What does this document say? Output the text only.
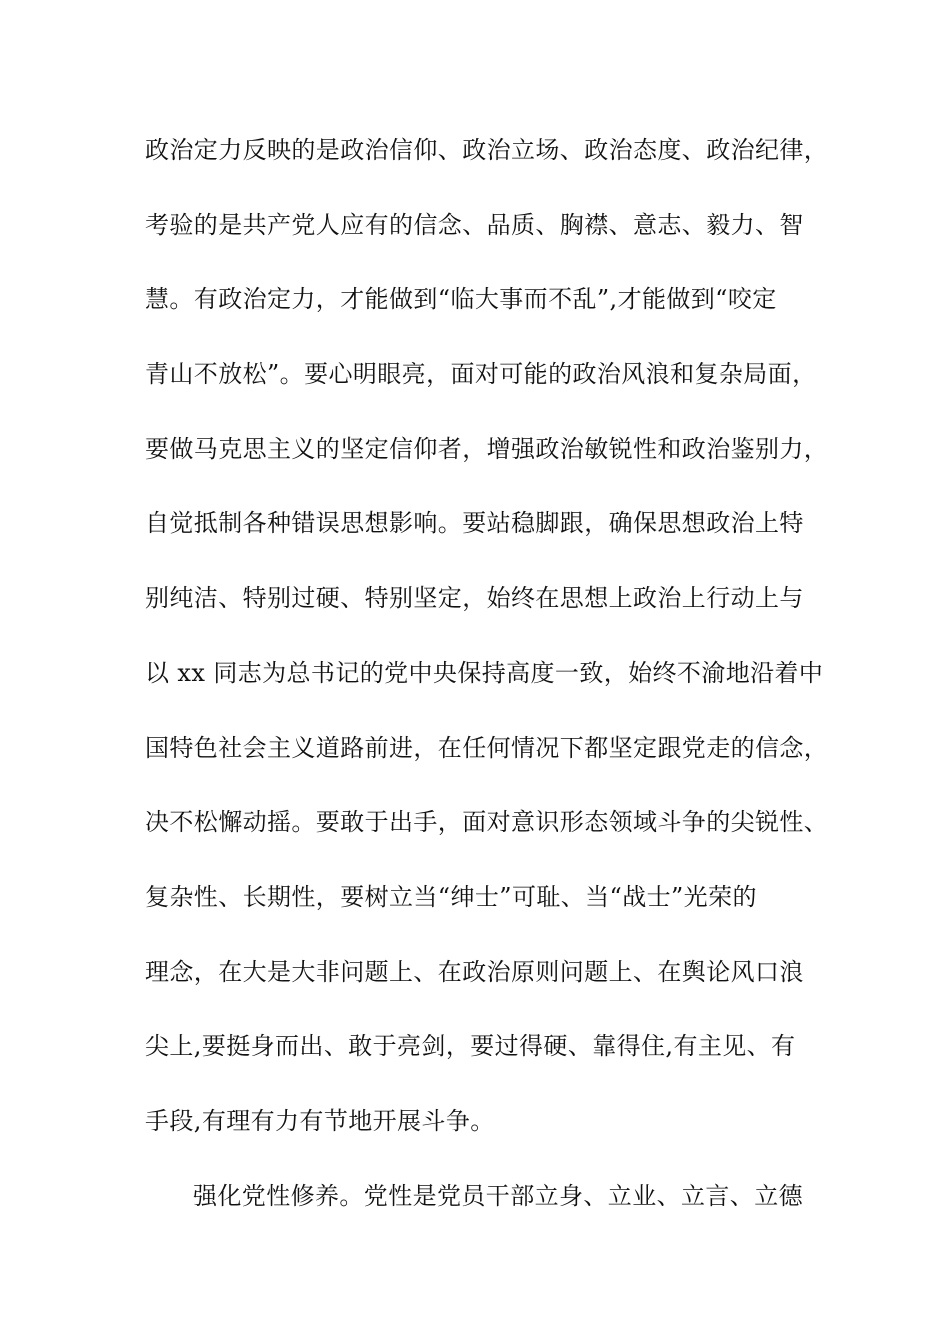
政治定力反映的是政治信仰、政治立场、政治态度、政治纪律，
考验的是共产党人应有的信念、品质、胸襟、意志、毅力、智
慧。有政治定力，才能做到“临大事而不乱”,才能做到“咬定
青山不放松”。要心明眼亮，面对可能的政治风浪和复杂局面，
要做马克思主义的坚定信仰者，增强政治敏锐性和政治鉴别力，
自觉抵制各种错误思想影响。要站稳脚跟，确保思想政治上特
别纯洁、特别过硬、特别坚定，始终在思想上政治上行动上与
以 xx 同志为总书记的党中央保持高度一致，始终不渝地沿着中
国特色社会主义道路前进，在任何情况下都坚定跟党走的信念，
决不松懈动摇。要敢于出手，面对意识形态领域斗争的尖锐性、
复杂性、长期性，要树立当“绅士”可耻、当“战士”光荣的
理念，在大是大非问题上、在政治原则问题上、在舆论风口浪
尖上,要挺身而出、敢于亮剑，要过得硬、靠得住,有主见、有
手段,有理有力有节地开展斗争。
强化党性修养。党性是党员干部立身、立业、立言、立德
